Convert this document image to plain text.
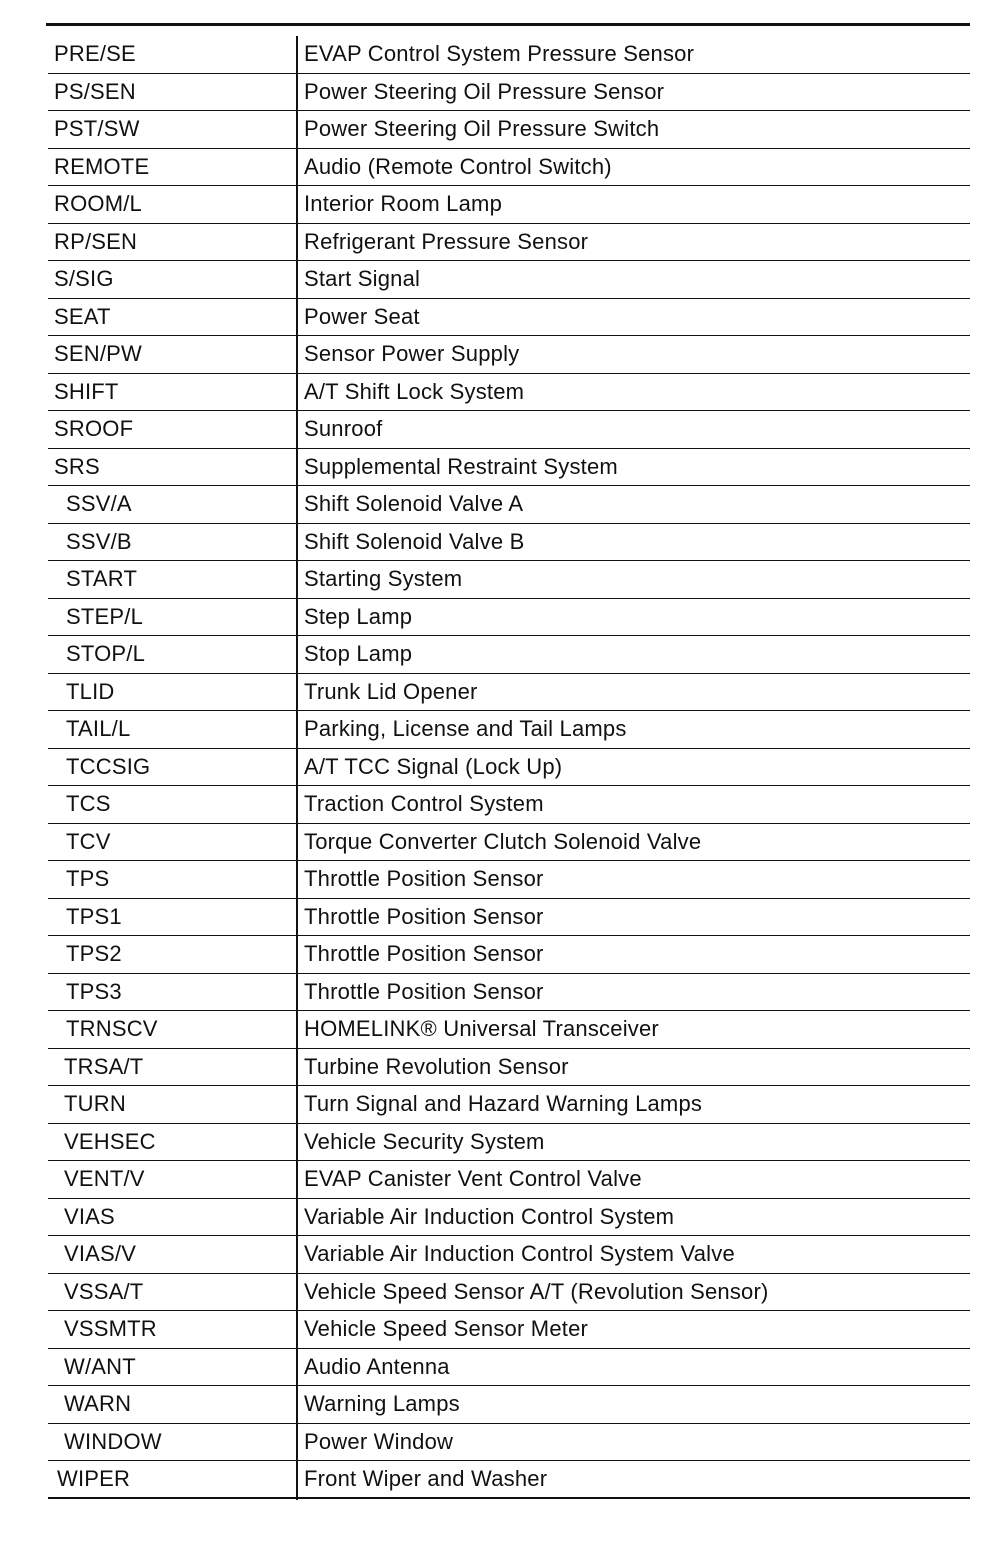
PRE/SE	EVAP Control System Pressure Sensor
PS/SEN	Power Steering Oil Pressure Sensor
PST/SW	Power Steering Oil Pressure Switch
REMOTE	Audio (Remote Control Switch)
ROOM/L	Interior Room Lamp
RP/SEN	Refrigerant Pressure Sensor
S/SIG	Start Signal
SEAT	Power Seat
SEN/PW	Sensor Power Supply
SHIFT	A/T Shift Lock System
SROOF	Sunroof
SRS	Supplemental Restraint System
SSV/A	Shift Solenoid Valve A
SSV/B	Shift Solenoid Valve B
START	Starting System
STEP/L	Step Lamp
STOP/L	Stop Lamp
TLID	Trunk Lid Opener
TAIL/L	Parking, License and Tail Lamps
TCCSIG	A/T TCC Signal (Lock Up)
TCS	Traction Control System
TCV	Torque Converter Clutch Solenoid Valve
TPS	Throttle Position Sensor
TPS1	Throttle Position Sensor
TPS2	Throttle Position Sensor
TPS3	Throttle Position Sensor
TRNSCV	HOMELINK® Universal Transceiver
TRSA/T	Turbine Revolution Sensor
TURN	Turn Signal and Hazard Warning Lamps
VEHSEC	Vehicle Security System
VENT/V	EVAP Canister Vent Control Valve
VIAS	Variable Air Induction Control System
VIAS/V	Variable Air Induction Control System Valve
VSSA/T	Vehicle Speed Sensor A/T (Revolution Sensor)
VSSMTR	Vehicle Speed Sensor Meter
W/ANT	Audio Antenna
WARN	Warning Lamps
WINDOW	Power Window
WIPER	Front Wiper and Washer
